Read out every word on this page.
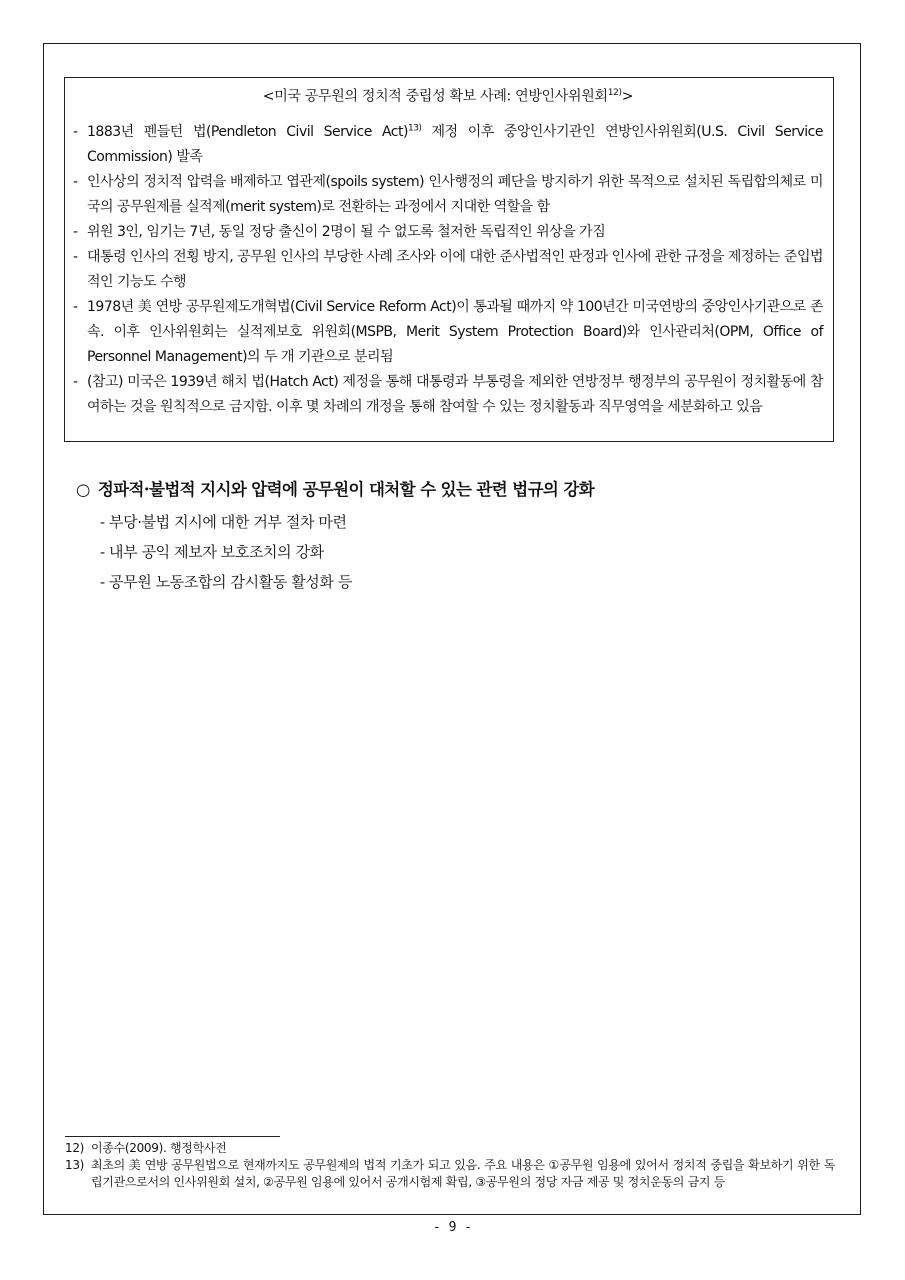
<미국 공무원의 정치적 중립성 확보 사례: 연방인사위원회$^{12)}$>
- 1883년 펜들턴 법(Pendleton Civil Service Act)$^{13)}$ 제정 이후 중앙인사기관인 연방인사위원회(U.S. Civil Service Commission) 발족
- 인사상의 정치적 압력을 배제하고 엽관제(spoils system) 인사행정의 폐단을 방지하기 위한 목적으로 설치된 독립합의체로 미국의 공무원제를 실적제(merit system)로 전환하는 과정에서 지대한 역할을 함
- 위원 3인, 임기는 7년, 동일 정당 출신이 2명이 될 수 없도록 철저한 독립적인 위상을 가짐
- 대통령 인사의 전횡 방지, 공무원 인사의 부당한 사례 조사와 이에 대한 준사법적인 판정과 인사에 관한 규정을 제정하는 준입법적인 기능도 수행
- 1978년 美 연방 공무원제도개혁법(Civil Service Reform Act)이 통과될 때까지 약 100년간 미국연방의 중앙인사기관으로 존속. 이후 인사위원회는 실적제보호 위원회(MSPB, Merit System Protection Board)와 인사관리처(OPM, Office of Personnel Management)의 두 개 기관으로 분리됨
- (참고) 미국은 1939년 해치 법(Hatch Act) 제정을 통해 대통령과 부통령을 제외한 연방정부 행정부의 공무원이 정치활동에 참여하는 것을 원칙적으로 금지함. 이후 몇 차례의 개정을 통해 참여할 수 있는 정치활동과 직무영역을 세분화하고 있음
○ 정파적·불법적 지시와 압력에 공무원이 대처할 수 있는 관련 법규의 강화
- 부당·불법 지시에 대한 거부 절차 마련
- 내부 공익 제보자 보호조치의 강화
- 공무원 노동조합의 감시활동 활성화 등
12) 이종수(2009). 행정학사전
13) 최초의 美 연방 공무원법으로 현재까지도 공무원제의 법적 기초가 되고 있음. 주요 내용은 ①공무원 임용에 있어서 정치적 중립을 확보하기 위한 독립기관으로서의 인사위원회 설치, ②공무원 임용에 있어서 공개시험제 확립, ③공무원의 정당 자금 제공 및 정치운동의 금지 등
- 9 -
